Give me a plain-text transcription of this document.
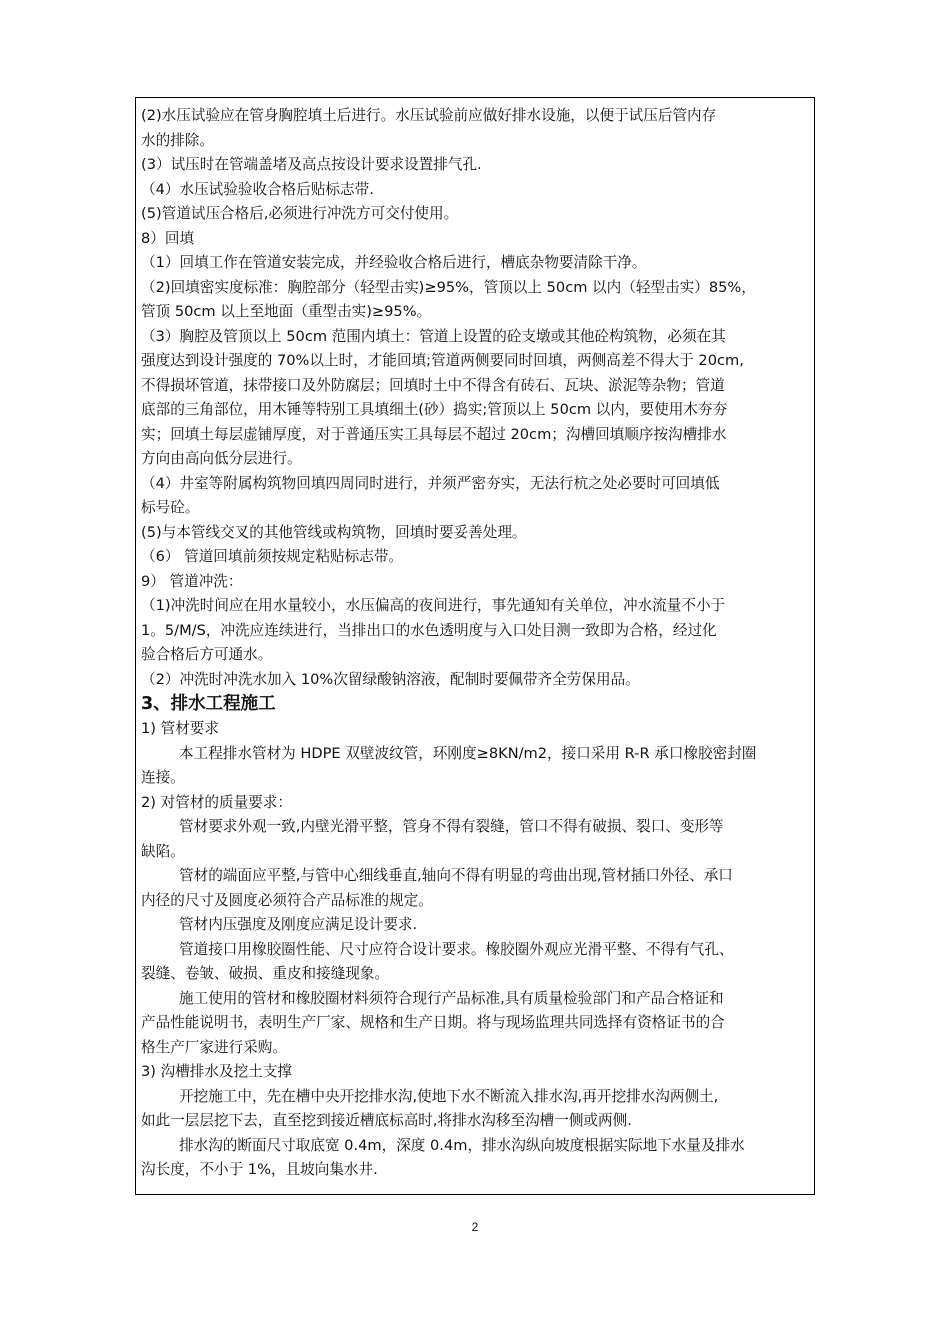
(2)水压试验应在管身胸腔填土后进行。水压试验前应做好排水设施，以便于试压后管内存
水的排除。
(3）试压时在管端盖堵及高点按设计要求设置排气孔.
（4）水压试验验收合格后贴标志带.
(5)管道试压合格后,必须进行冲洗方可交付使用。
8）回填
（1）回填工作在管道安装完成，并经验收合格后进行，槽底杂物要清除干净。
（2)回填密实度标准：胸腔部分（轻型击实)≥95%，管顶以上 50cm 以内（轻型击实）85%，
管顶 50cm 以上至地面（重型击实)≥95%。
（3）胸腔及管顶以上 50cm 范围内填土：管道上设置的砼支墩或其他砼构筑物，必须在其
强度达到设计强度的 70%以上时，才能回填;管道两侧要同时回填，两侧高差不得大于 20cm,
不得损坏管道，抹带接口及外防腐层；回填时土中不得含有砖石、瓦块、淤泥等杂物；管道
底部的三角部位，用木锤等特别工具填细土(砂）捣实;管顶以上 50cm 以内，要使用木夯夯
实；回填土每层虚铺厚度，对于普通压实工具每层不超过 20cm；沟槽回填顺序按沟槽排水
方向由高向低分层进行。
（4）井室等附属构筑物回填四周同时进行，并须严密夯实，无法行杭之处必要时可回填低
标号砼。
(5)与本管线交叉的其他管线或构筑物，回填时要妥善处理。
（6） 管道回填前须按规定粘贴标志带。
9） 管道冲洗：
（1)冲洗时间应在用水量较小，水压偏高的夜间进行，事先通知有关单位，冲水流量不小于
1。5/M/S，冲洗应连续进行，当排出口的水色透明度与入口处目测一致即为合格，经过化
验合格后方可通水。
（2）冲洗时冲洗水加入 10%次留绿酸钠溶液，配制时要佩带齐全劳保用品。
3、排水工程施工
1) 管材要求
本工程排水管材为 HDPE 双壁波纹管，环刚度≥8KN/m2，接口采用 R-R 承口橡胶密封圈
连接。
2) 对管材的质量要求：
管材要求外观一致,内壁光滑平整，管身不得有裂缝，管口不得有破损、裂口、变形等
缺陷。
管材的端面应平整,与管中心细线垂直,轴向不得有明显的弯曲出现,管材插口外径、承口
内径的尺寸及圆度必须符合产品标准的规定。
管材内压强度及刚度应满足设计要求.
管道接口用橡胶圈性能、尺寸应符合设计要求。橡胶圈外观应光滑平整、不得有气孔、
裂缝、卷皱、破损、重皮和接缝现象。
施工使用的管材和橡胶圈材料须符合现行产品标准,具有质量检验部门和产品合格证和
产品性能说明书，表明生产厂家、规格和生产日期。将与现场监理共同选择有资格证书的合
格生产厂家进行采购。
3) 沟槽排水及挖土支撑
开挖施工中，先在槽中央开挖排水沟,使地下水不断流入排水沟,再开挖排水沟两侧土,
如此一层层挖下去，直至挖到接近槽底标高时,将排水沟移至沟槽一侧或两侧.
排水沟的断面尺寸取底宽 0.4m，深度 0.4m，排水沟纵向坡度根据实际地下水量及排水
沟长度，不小于 1%，且坡向集水井.
2
